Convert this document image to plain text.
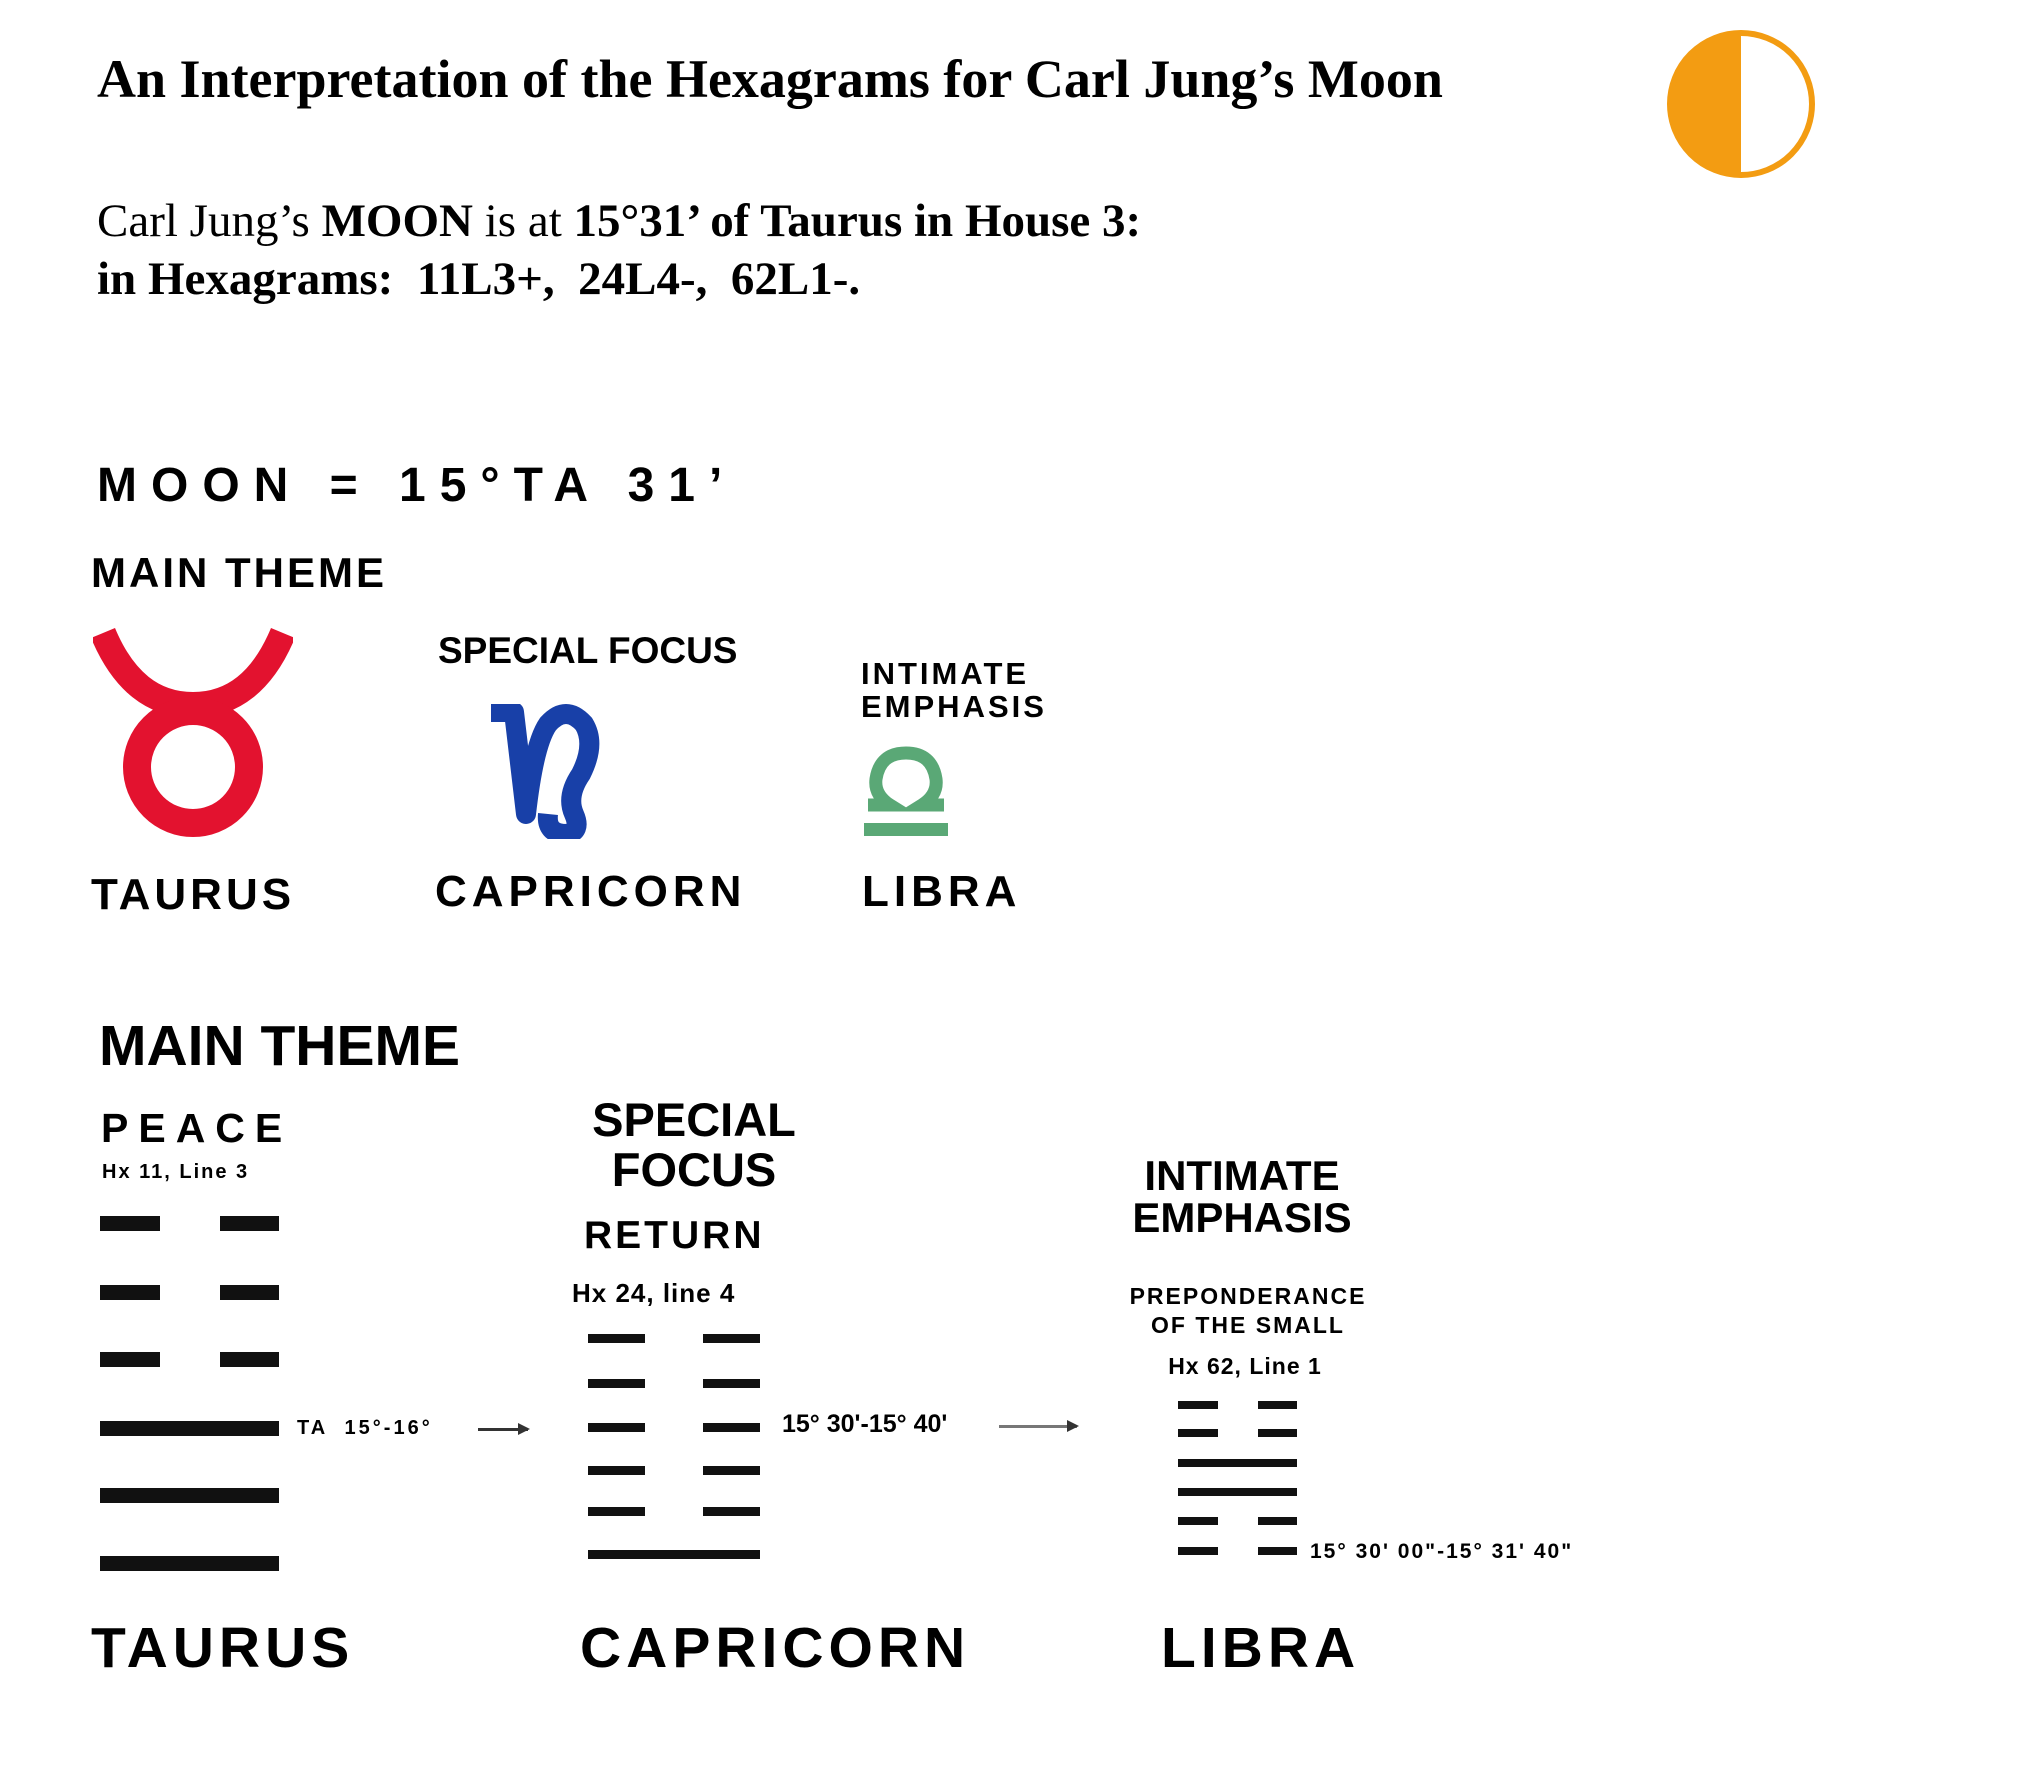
An Interpretation of the Hexagrams for Carl Jung’s Moon
Carl Jung’s MOON is at 15°31’ of Taurus in House 3:
in Hexagrams:  11L3+,  24L4-,  62L1-.
MOON = 15°TA 31’
MAIN THEME
SPECIAL FOCUS
INTIMATE
EMPHASIS
TAURUS	CAPRICORN	LIBRA
MAIN THEME
PEACE
Hx 11, Line 3
TA  15°-16°
SPECIAL
FOCUS
RETURN
Hx 24, line 4
15° 30'-15° 40'
INTIMATE
EMPHASIS
PREPONDERANCE
OF THE SMALL
Hx 62, Line 1
15° 30' 00"-15° 31' 40"
TAURUS	CAPRICORN	LIBRA
